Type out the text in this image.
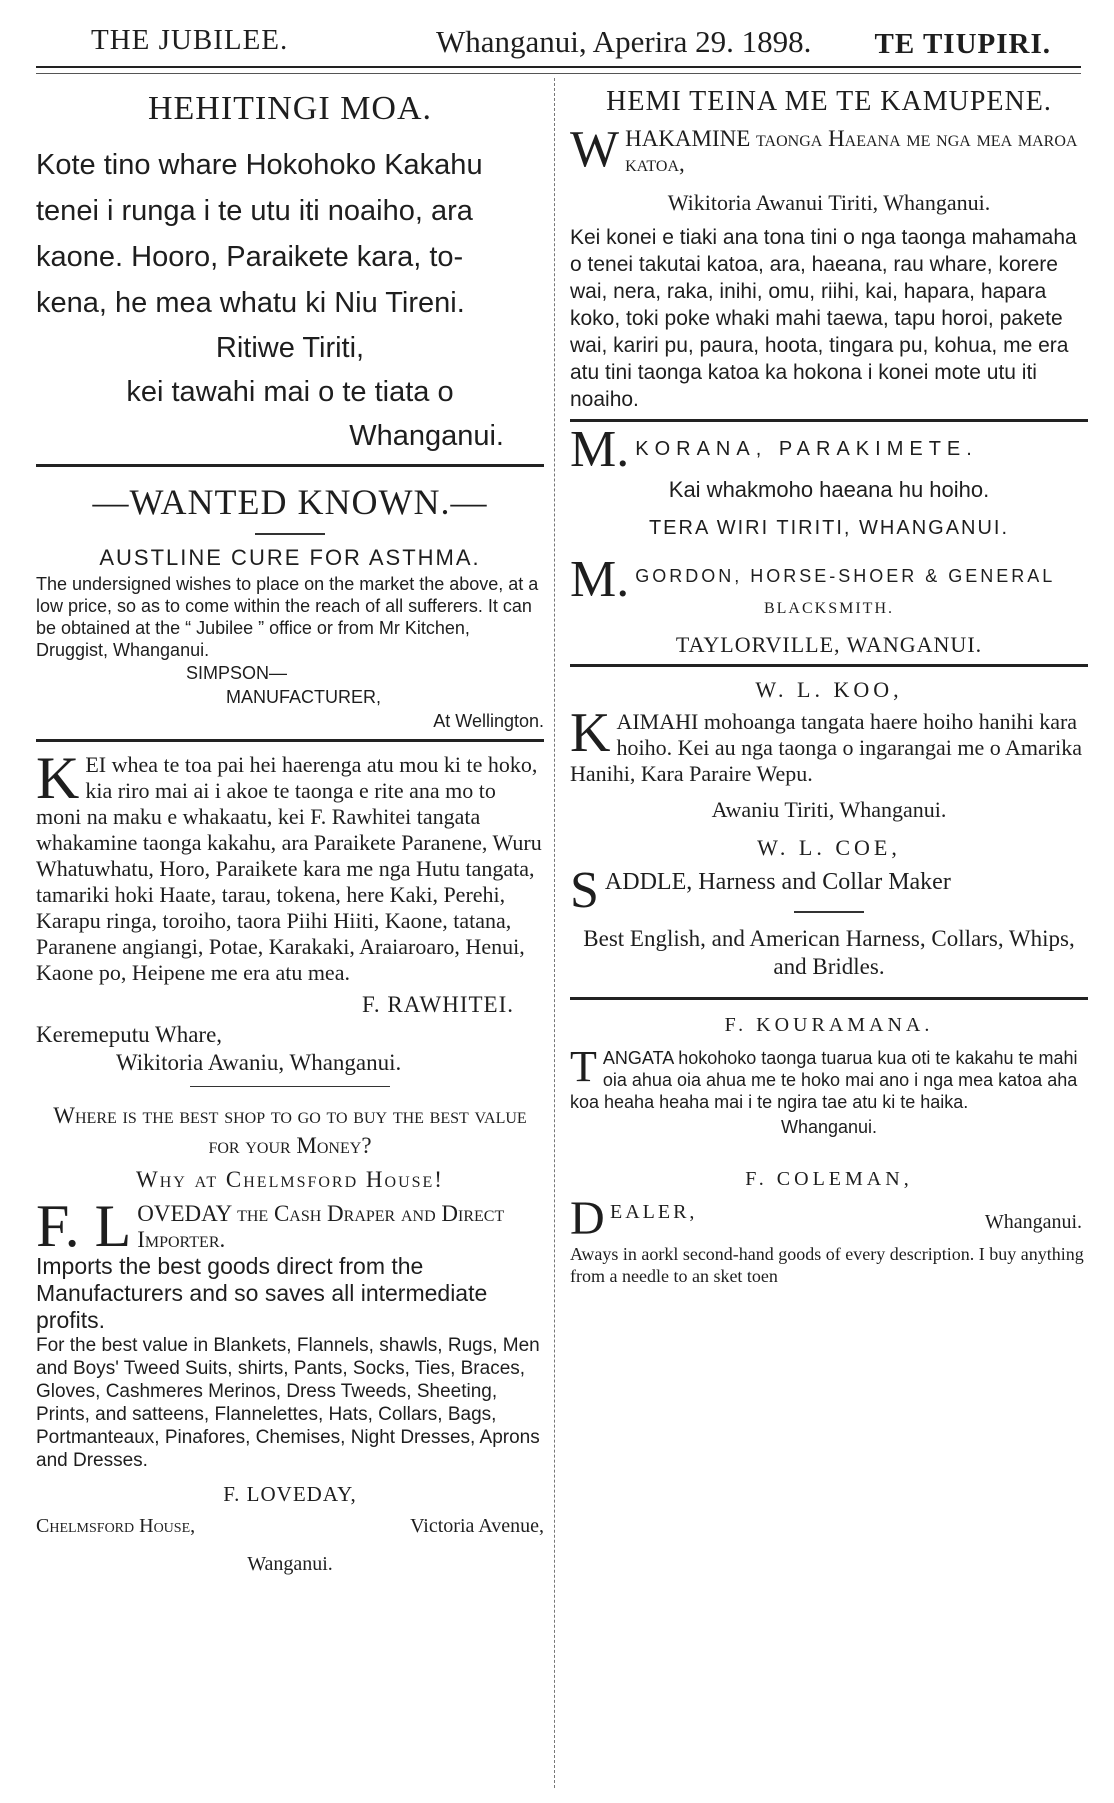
THE JUBILEE.	Whanganui, Aperira 29. 1898. TE TIUPIRI.
HEHITINGI MOA.

Kote tino whare Hokohoko Kakahu

tenei i runga i te utu iti noaiho, ara

kaone. Hooro, Paraikete kara, to-

kena, he mea whatu ki Niu Tireni.

Ritiwe Tiriti,
kei tawahi mai o te tiata o
Whanganui.
—WANTED KNOWN.—
AUSTLINE CURE FOR ASTHMA.
The undersigned wishes to place on the market the above, at a low price, so as to come within the reach of all sufferers. It can be obtained at the “ Jubilee ” office or from Mr Kitchen, Druggist, Whanganui.
SIMPSON—
MANUFACTURER,
At Wellington.
K EI whea te toa pai hei haerenga atu mou ki te hoko, kia riro mai ai i akoe te taonga e rite ana mo to moni na maku e whakaatu, kei F. Rawhitei tangata whakamine taonga kakahu, ara Paraikete Paranene, Wuru Whatuwhatu, Horo, Paraikete kara me nga Hutu tangata, tamariki hoki Haate, tarau, tokena, here Kaki, Perehi, Karapu ringa, toroiho, taora Piihi Hiiti, Kaone, tatana, Paranene angiangi, Potae, Karakaki, Araiaroaro, Henui, Kaone po, Heipene me era atu mea.
F. RAWHITEI.
Keremeputu Whare,
Wikitoria Awaniu, Whanganui.
Where is the best shop to go to buy the best value for your Money?
Why at Chelmsford House!
F. L OVEDAY the Cash Draper and Direct Importer.
Imports the best goods direct from the Manufacturers and so saves all intermediate profits.
For the best value in Blankets, Flannels, shawls, Rugs, Men and Boys' Tweed Suits, shirts, Pants, Socks, Ties, Braces, Gloves, Cashmeres Merinos, Dress Tweeds, Sheeting, Prints, and satteens, Flannelettes, Hats, Collars, Bags, Portmanteaux, Pinafores, Chemises, Night Dresses, Aprons and Dresses.
F. LOVEDAY,
Chelmsford House,	Victoria Avenue,
Wanganui.
HEMI TEINA ME TE KAMUPENE.
W HAKAMINE taonga Haeana me nga mea maroa katoa,
Wikitoria Awanui Tiriti, Whanganui.
Kei konei e tiaki ana tona tini o nga taonga mahamaha o tenei takutai katoa, ara, haeana, rau whare, korere wai, nera, raka, inihi, omu, riihi, kai, hapara, hapara koko, toki poke whaki mahi taewa, tapu horoi, pakete wai, kariri pu, paura, hoota, tingara pu, kohua, me era atu tini taonga katoa ka hokona i konei mote utu iti noaiho.
M. KORANA, PARAKIMETE.
Kai whakmoho haeana hu hoiho.
TERA WIRI TIRITI, WHANGANUI.
M. GORDON, HORSE-SHOER & GENERAL
BLACKSMITH.
TAYLORVILLE, WANGANUI.
W. L. KOO,
K AIMAHI mohoanga tangata haere hoiho hanihi kara hoiho. Kei au nga taonga o ingarangai me o Amarika Hanihi, Kara Paraire Wepu.
Awaniu Tiriti, Whanganui.
W. L. COE,
S ADDLE, Harness and Collar Maker
Best English, and American Harness, Collars, Whips, and Bridles.
F. KOURAMANA.
T ANGATA hokohoko taonga tuarua kua oti te kakahu te mahi oia ahua oia ahua me te hoko mai ano i nga mea katoa aha koa heaha heaha mai i te ngira tae atu ki te haika.
Whanganui.
F. COLEMAN,
D EALER,	Whanganui.
Aways in aorkl second-hand goods of every description. I buy anything from a needle to an sket toen
